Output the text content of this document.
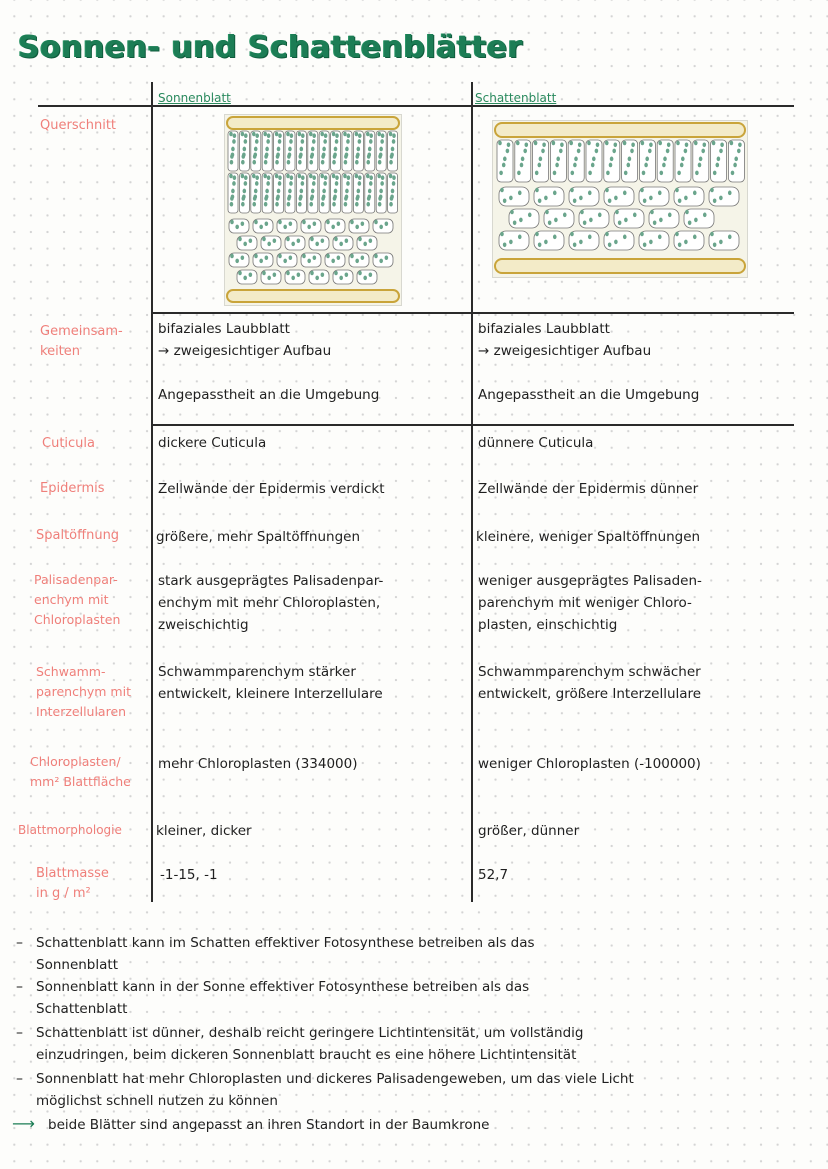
Sonnen- und Schattenblätter
Sonnenblatt	Schattenblatt
Querschnitt
Gemeinsam-
keiten
Cuticula
Epidermis
Spaltöffnung
Palisadenpar-
enchym mit
Chloroplasten
Schwamm-
parenchym mit
Interzellularen
Chloroplasten/
mm² Blattfläche
Blattmorphologie
Blattmasse
in g / m²
bifaziales Laubblatt
→ zweigesichtiger Aufbau

Angepasstheit an die Umgebung
dickere Cuticula
Zellwände der Epidermis verdickt
größere, mehr Spaltöffnungen
stark ausgeprägtes Palisadenpar-
enchym mit mehr Chloroplasten,
zweischichtig
Schwammparenchym stärker
entwickelt, kleinere Interzellulare
mehr Chloroplasten (334000)
kleiner, dicker
-1-15, -1
bifaziales Laubblatt
→ zweigesichtiger Aufbau

Angepasstheit an die Umgebung
dünnere Cuticula
Zellwände der Epidermis dünner
kleinere, weniger Spaltöffnungen
weniger ausgeprägtes Palisaden-
parenchym mit weniger Chloro-
plasten, einschichtig
Schwammparenchym schwächer
entwickelt, größere Interzellulare
weniger Chloroplasten (-100000)
größer, dünner
52,7
– Schattenblatt kann im Schatten effektiver Fotosynthese betreiben als das
Sonnenblatt
– Sonnenblatt kann in der Sonne effektiver Fotosynthese betreiben als das
Schattenblatt
– Schattenblatt ist dünner, deshalb reicht geringere Lichtintensität, um vollständig
einzudringen, beim dickeren Sonnenblatt braucht es eine höhere Lichtintensität
– Sonnenblatt hat mehr Chloroplasten und dickeres Palisadengeweben, um das viele Licht
möglichst schnell nutzen zu können
⟶ beide Blätter sind angepasst an ihren Standort in der Baumkrone
